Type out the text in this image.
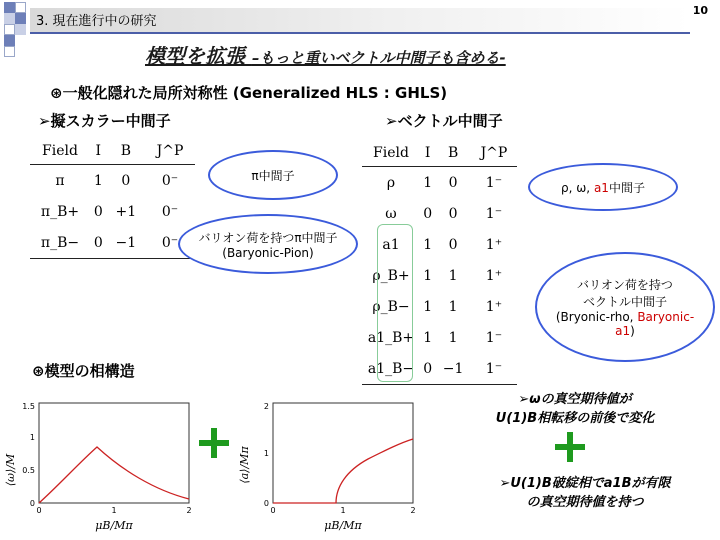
3. 現在進行中の研究
10
模型を拡張 –もっと重いベクトル中間子も含める-
⊛一般化隠れた局所対称性 (Generalized HLS : GHLS)
➢擬スカラー中間子	➢ベクトル中間子
Field	I	B	J^P
π	1	0	0⁻
π_B+	0	+1	0⁻
π_B−	0	−1	0⁻
Field	I	B	J^P
ρ	1	0	1⁻
ω	0	0	1⁻
a1	1	0	1⁺
ρ_B+	1	1	1⁺
ρ_B−	1	1	1⁺
a1_B+	1	1	1⁻
a1_B−	0	−1	1⁻
π中間子
ρ, ω, a1中間子
バリオン荷を持つπ中間子
(Baryonic-Pion)
バリオン荷を持つ
ベクトル中間子
(Bryonic-rho, Baryonic-
a1)
⊛模型の相構造
⟨ω⟩/M
0
0.5
1
1.5
0	1	2
μB/Mπ
⟨a⟩/Mπ
0
1
2
0	1	2
μB/Mπ
➢ωの真空期待値が
U(1)B相転移の前後で変化
➢U(1)B破綻相でa1Bが有限
の真空期待値を持つ
